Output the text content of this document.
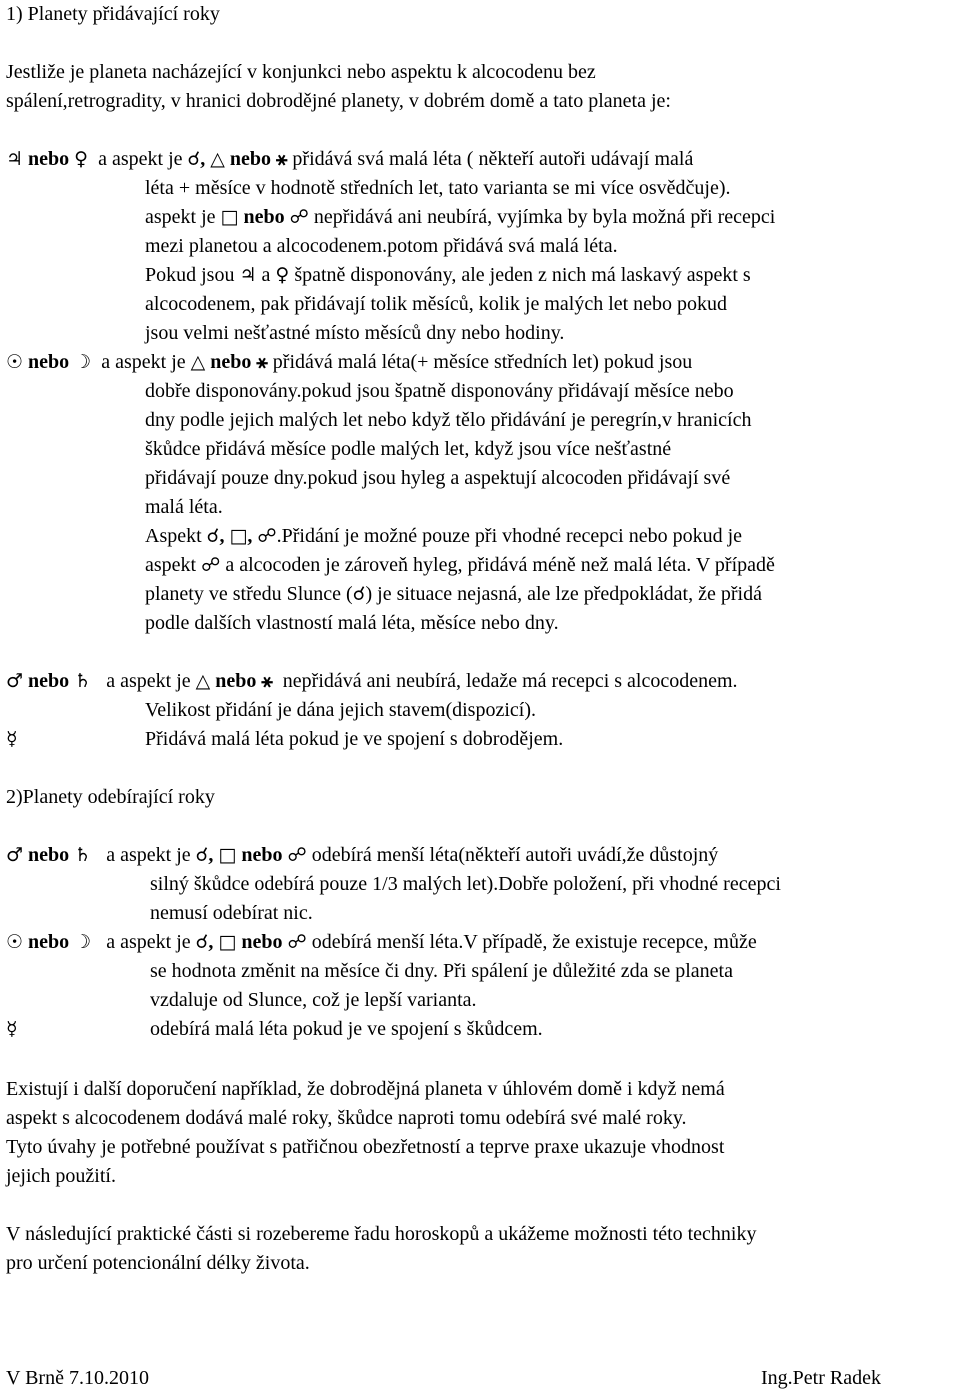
1) Planety přidávající roky
Jestliže je planeta nacházející v konjunkci nebo aspektu k alcocodenu bez
spálení,retrogradity, v hranici dobrodějné planety, v dobrém domě a tato planeta je:
♃ nebo ♀ a aspekt je ☌, △ nebo ⚹ přidává svá malá léta ( někteří autoři udávají malá
léta + měsíce v hodnotě středních let, tato varianta se mi více osvědčuje).
aspekt je □ nebo ☍ nepřidává ani neubírá, vyjímka by byla možná při recepci
mezi planetou a alcocodenem.potom přidává svá malá léta.
Pokud jsou ♃ a ♀ špatně disponovány, ale jeden z nich má laskavý aspekt s
alcocodenem, pak přidávají tolik měsíců, kolik je malých let nebo pokud
jsou velmi nešťastné místo měsíců dny nebo hodiny.
☉ nebo ☽ a aspekt je △ nebo ⚹ přidává malá léta(+ měsíce středních let) pokud jsou
dobře disponovány.pokud jsou špatně disponovány přidávají měsíce nebo
dny podle jejich malých let nebo když tělo přidávání je peregrín,v hranicích
škůdce přidává měsíce podle malých let, když jsou více nešťastné
přidávají pouze dny.pokud jsou hyleg a aspektují alcocoden přidávají své
malá léta.
Aspekt ☌, □, ☍.Přidání je možné pouze při vhodné recepci nebo pokud je
aspekt ☍ a alcocoden je zároveň hyleg, přidává méně než malá léta. V případě
planety ve středu Slunce (☌) je situace nejasná, ale lze předpokládat, že přidá
podle dalších vlastností malá léta, měsíce nebo dny.
♂ nebo ♄ a aspekt je △ nebo ⚹ nepřidává ani neubírá, ledaže má recepci s alcocodenem.
Velikost přidání je dána jejich stavem(dispozicí).
☿	Přidává malá léta pokud je ve spojení s dobrodějem.
2)Planety odebírající roky
♂ nebo ♄ a aspekt je ☌, □ nebo ☍ odebírá menší léta(někteří autoři uvádí,že důstojný
silný škůdce odebírá pouze 1/3 malých let).Dobře položení, při vhodné recepci
nemusí odebírat nic.
☉ nebo ☽ a aspekt je ☌, □ nebo ☍ odebírá menší léta.V případě, že existuje recepce, může
se hodnota změnit na měsíce či dny. Při spálení je důležité zda se planeta
vzdaluje od Slunce, což je lepší varianta.
☿	odebírá malá léta pokud je ve spojení s škůdcem.
Existují i další doporučení například, že dobrodějná planeta v úhlovém domě i když nemá
aspekt s alcocodenem dodává malé roky, škůdce naproti tomu odebírá své malé roky.
Tyto úvahy je potřebné používat s patřičnou obezřetností a teprve praxe ukazuje vhodnost
jejich použití.
V následující praktické části si rozebereme řadu horoskopů a ukážeme možnosti této techniky
pro určení potencionální délky života.
V Brně 7.10.2010	Ing.Petr Radek
